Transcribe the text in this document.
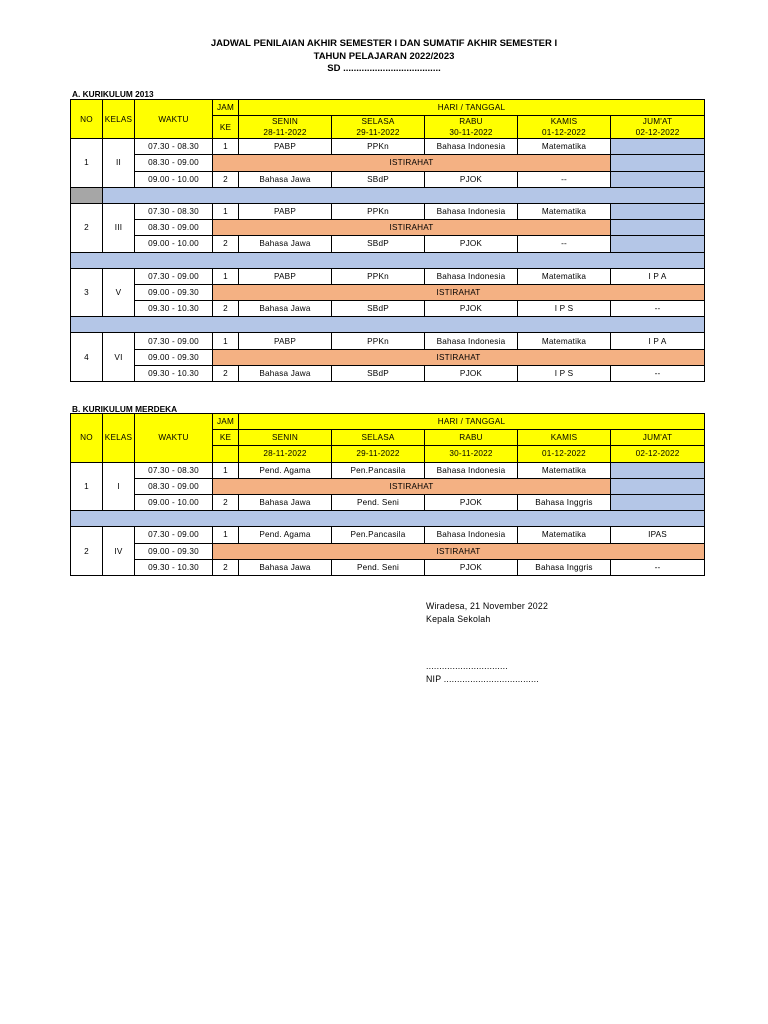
JADWAL PENILAIAN AKHIR SEMESTER I DAN SUMATIF AKHIR SEMESTER I
TAHUN PELAJARAN 2022/2023
SD .....................................
A. KURIKULUM 2013
NO	KELAS	WAKTU	JAM	HARI / TANGGAL				
			KE	SENIN	SELASA	RABU	KAMIS	JUM'AT
				28-11-2022	29-11-2022	30-11-2022	01-12-2022	02-12-2022
1	II	07.30 - 08.30	1	PABP	PPKn	Bahasa Indonesia	Matematika	
		08.30 - 09.00	ISTIRAHAT					
		09.00 - 10.00	2	Bahasa Jawa	SBdP	PJOK	--	

2	III	07.30 - 08.30	1	PABP	PPKn	Bahasa Indonesia	Matematika	
		08.30 - 09.00	ISTIRAHAT					
		09.00 - 10.00	2	Bahasa Jawa	SBdP	PJOK	--	

3	V	07.30 - 09.00	1	PABP	PPKn	Bahasa Indonesia	Matematika	I P A
		09.00 - 09.30	ISTIRAHAT					
		09.30 - 10.30	2	Bahasa Jawa	SBdP	PJOK	I P S	--

4	VI	07.30 - 09.00	1	PABP	PPKn	Bahasa Indonesia	Matematika	I P A
		09.00 - 09.30	ISTIRAHAT					
		09.30 - 10.30	2	Bahasa Jawa	SBdP	PJOK	I P S	--
B. KURIKULUM MERDEKA
NO	KELAS	WAKTU	JAM	HARI / TANGGAL				
			KE	SENIN	SELASA	RABU	KAMIS	JUM'AT
				28-11-2022	29-11-2022	30-11-2022	01-12-2022	02-12-2022
1	I	07.30 - 08.30	1	Pend. Agama	Pen.Pancasila	Bahasa Indonesia	Matematika	
		08.30 - 09.00	ISTIRAHAT					
		09.00 - 10.00	2	Bahasa Jawa	Pend. Seni	PJOK	Bahasa Inggris	

2	IV	07.30 - 09.00	1	Pend. Agama	Pen.Pancasila	Bahasa Indonesia	Matematika	IPAS
		09.00 - 09.30	ISTIRAHAT					
		09.30 - 10.30	2	Bahasa Jawa	Pend. Seni	PJOK	Bahasa Inggris	--
Wiradesa, 21 November 2022
Kepala Sekolah
...............................
NIP ....................................
